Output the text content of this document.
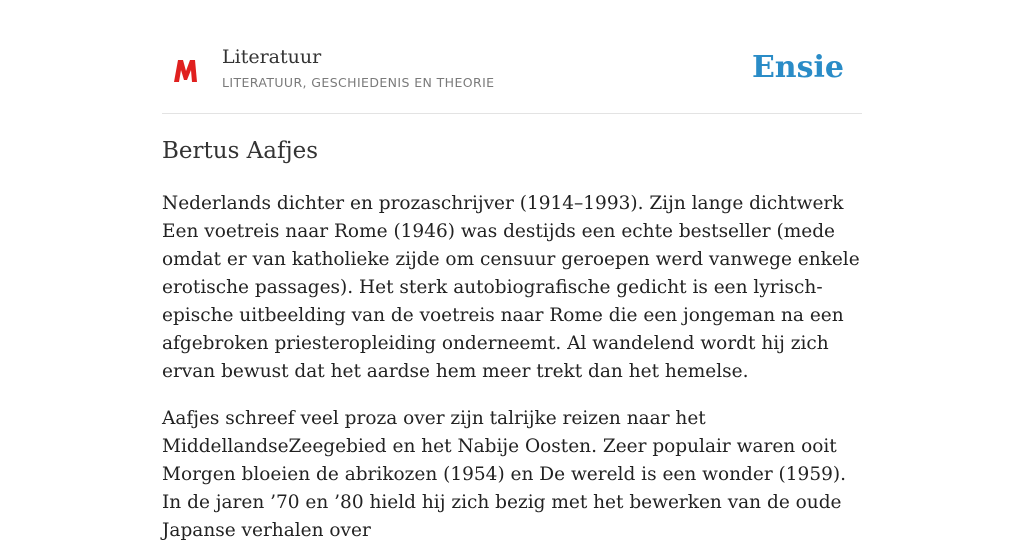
Literatuur
LITERATUUR, GESCHIEDENIS EN THEORIE	Ensie
Bertus Aafjes

Nederlands dichter en prozaschrijver (1914–1993). Zijn lange dichtwerk Een voetreis naar Rome (1946) was destijds een echte bestseller (mede omdat er van katholieke zijde om censuur geroepen werd vanwege enkele erotische passages). Het sterk autobiografische gedicht is een lyrisch-epische uitbeelding van de voetreis naar Rome die een jongeman na een afgebroken priesteropleiding onderneemt. Al wandelend wordt hij zich ervan bewust dat het aardse hem meer trekt dan het hemelse.

Aafjes schreef veel proza over zijn talrijke reizen naar het MiddellandseZeegebied en het Nabije Oosten. Zeer populair waren ooit Morgen bloeien de abrikozen (1954) en De wereld is een wonder (1959). In de jaren ’70 en ’80 hield hij zich bezig met het bewerken van de oude Japanse verhalen over
